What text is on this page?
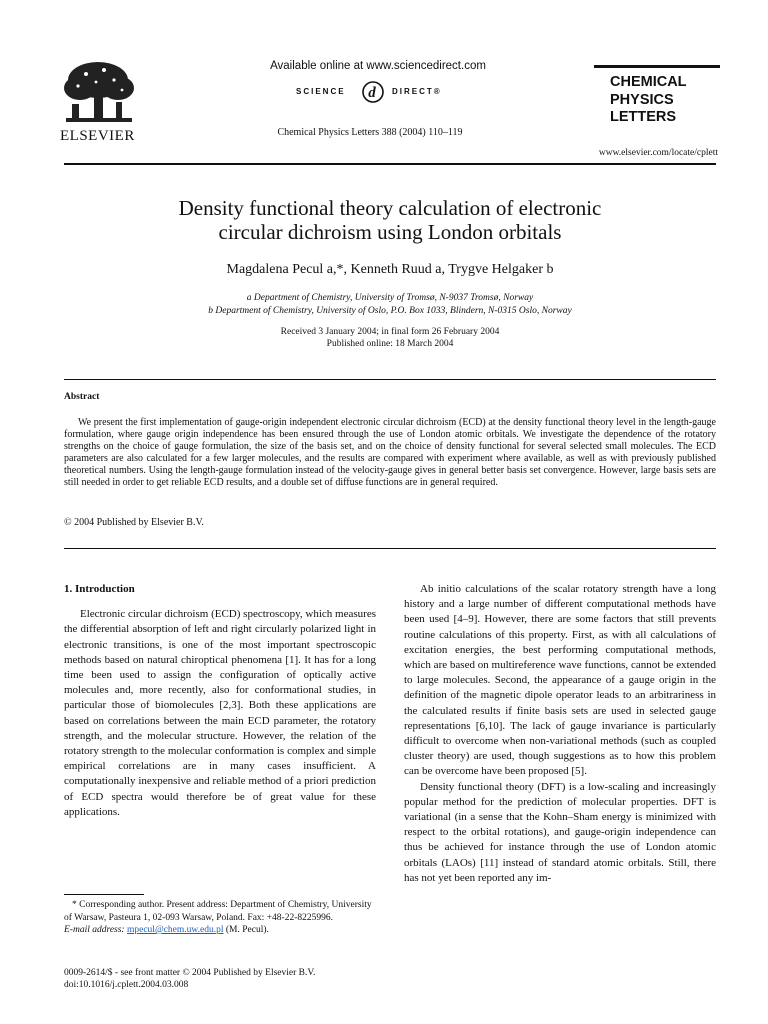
ELSEVIER
Available online at www.sciencedirect.com
SCIENCE d DIRECT®
Chemical Physics Letters 388 (2004) 110–119
CHEMICAL
PHYSICS
LETTERS
www.elsevier.com/locate/cplett
Density functional theory calculation of electronic
circular dichroism using London orbitals
Magdalena Pecul a,*, Kenneth Ruud a, Trygve Helgaker b
a Department of Chemistry, University of Tromsø, N-9037 Tromsø, Norway
b Department of Chemistry, University of Oslo, P.O. Box 1033, Blindern, N-0315 Oslo, Norway
Received 3 January 2004; in final form 26 February 2004
Published online: 18 March 2004
Abstract
We present the first implementation of gauge-origin independent electronic circular dichroism (ECD) at the density functional theory level in the length-gauge formulation, where gauge origin independence has been ensured through the use of London atomic orbitals. We investigate the dependence of the rotatory strengths on the choice of gauge formulation, the size of the basis set, and on the choice of density functional for several selected small molecules. The ECD parameters are also calculated for a few larger molecules, and the results are compared with experiment where available, as well as with previously published theoretical numbers. Using the length-gauge formulation instead of the velocity-gauge gives in general better basis set convergence. However, large basis sets are still needed in order to get reliable ECD results, and a double set of diffuse functions are in general required.
© 2004 Published by Elsevier B.V.
1. Introduction

Electronic circular dichroism (ECD) spectroscopy, which measures the differential absorption of left and right circularly polarized light in electronic transitions, is one of the most important spectroscopic methods based on natural chiroptical phenomena [1]. It has for a long time been used to assign the configuration of optically active molecules and, more recently, also for conformational studies, in particular those of biomolecules [2,3]. Both these applications are based on correlations between the main ECD parameter, the rotatory strength, and the molecular structure. However, the relation of the rotatory strength to the molecular conformation is complex and simple empirical correlations are in many cases insufficient. A computationally inexpensive and reliable method of a priori prediction of ECD spectra would therefore be of great value for these applications.

Ab initio calculations of the scalar rotatory strength have a long history and a large number of different computational methods have been used [4–9]. However, there are some factors that still prevents routine calculations of this property. First, as with all calculations of excitation energies, the best performing computational methods, which are based on multireference wave functions, cannot be extended to large molecules. Second, the appearance of a gauge origin in the definition of the magnetic dipole operator leads to an arbitrariness in the calculated results if finite basis sets are used in selected gauge representations [6,10]. The lack of gauge invariance is particularly difficult to overcome when non-variational methods (such as coupled cluster theory) are used, though suggestions as to how this problem can be overcome have been proposed [5].

Density functional theory (DFT) is a low-scaling and increasingly popular method for the prediction of molecular properties. DFT is variational (in a sense that the Kohn–Sham energy is minimized with respect to the orbital rotations), and gauge-origin independence can thus be achieved for instance through the use of London atomic orbitals (LAOs) [11] instead of standard atomic orbitals. Still, there has not yet been reported any im-

* Corresponding author. Present address: Department of Chemistry, University of Warsaw, Pasteura 1, 02-093 Warsaw, Poland. Fax: +48-22-8225996.
E-mail address: mpecul@chem.uw.edu.pl (M. Pecul).
0009-2614/$ - see front matter © 2004 Published by Elsevier B.V.
doi:10.1016/j.cplett.2004.03.008
